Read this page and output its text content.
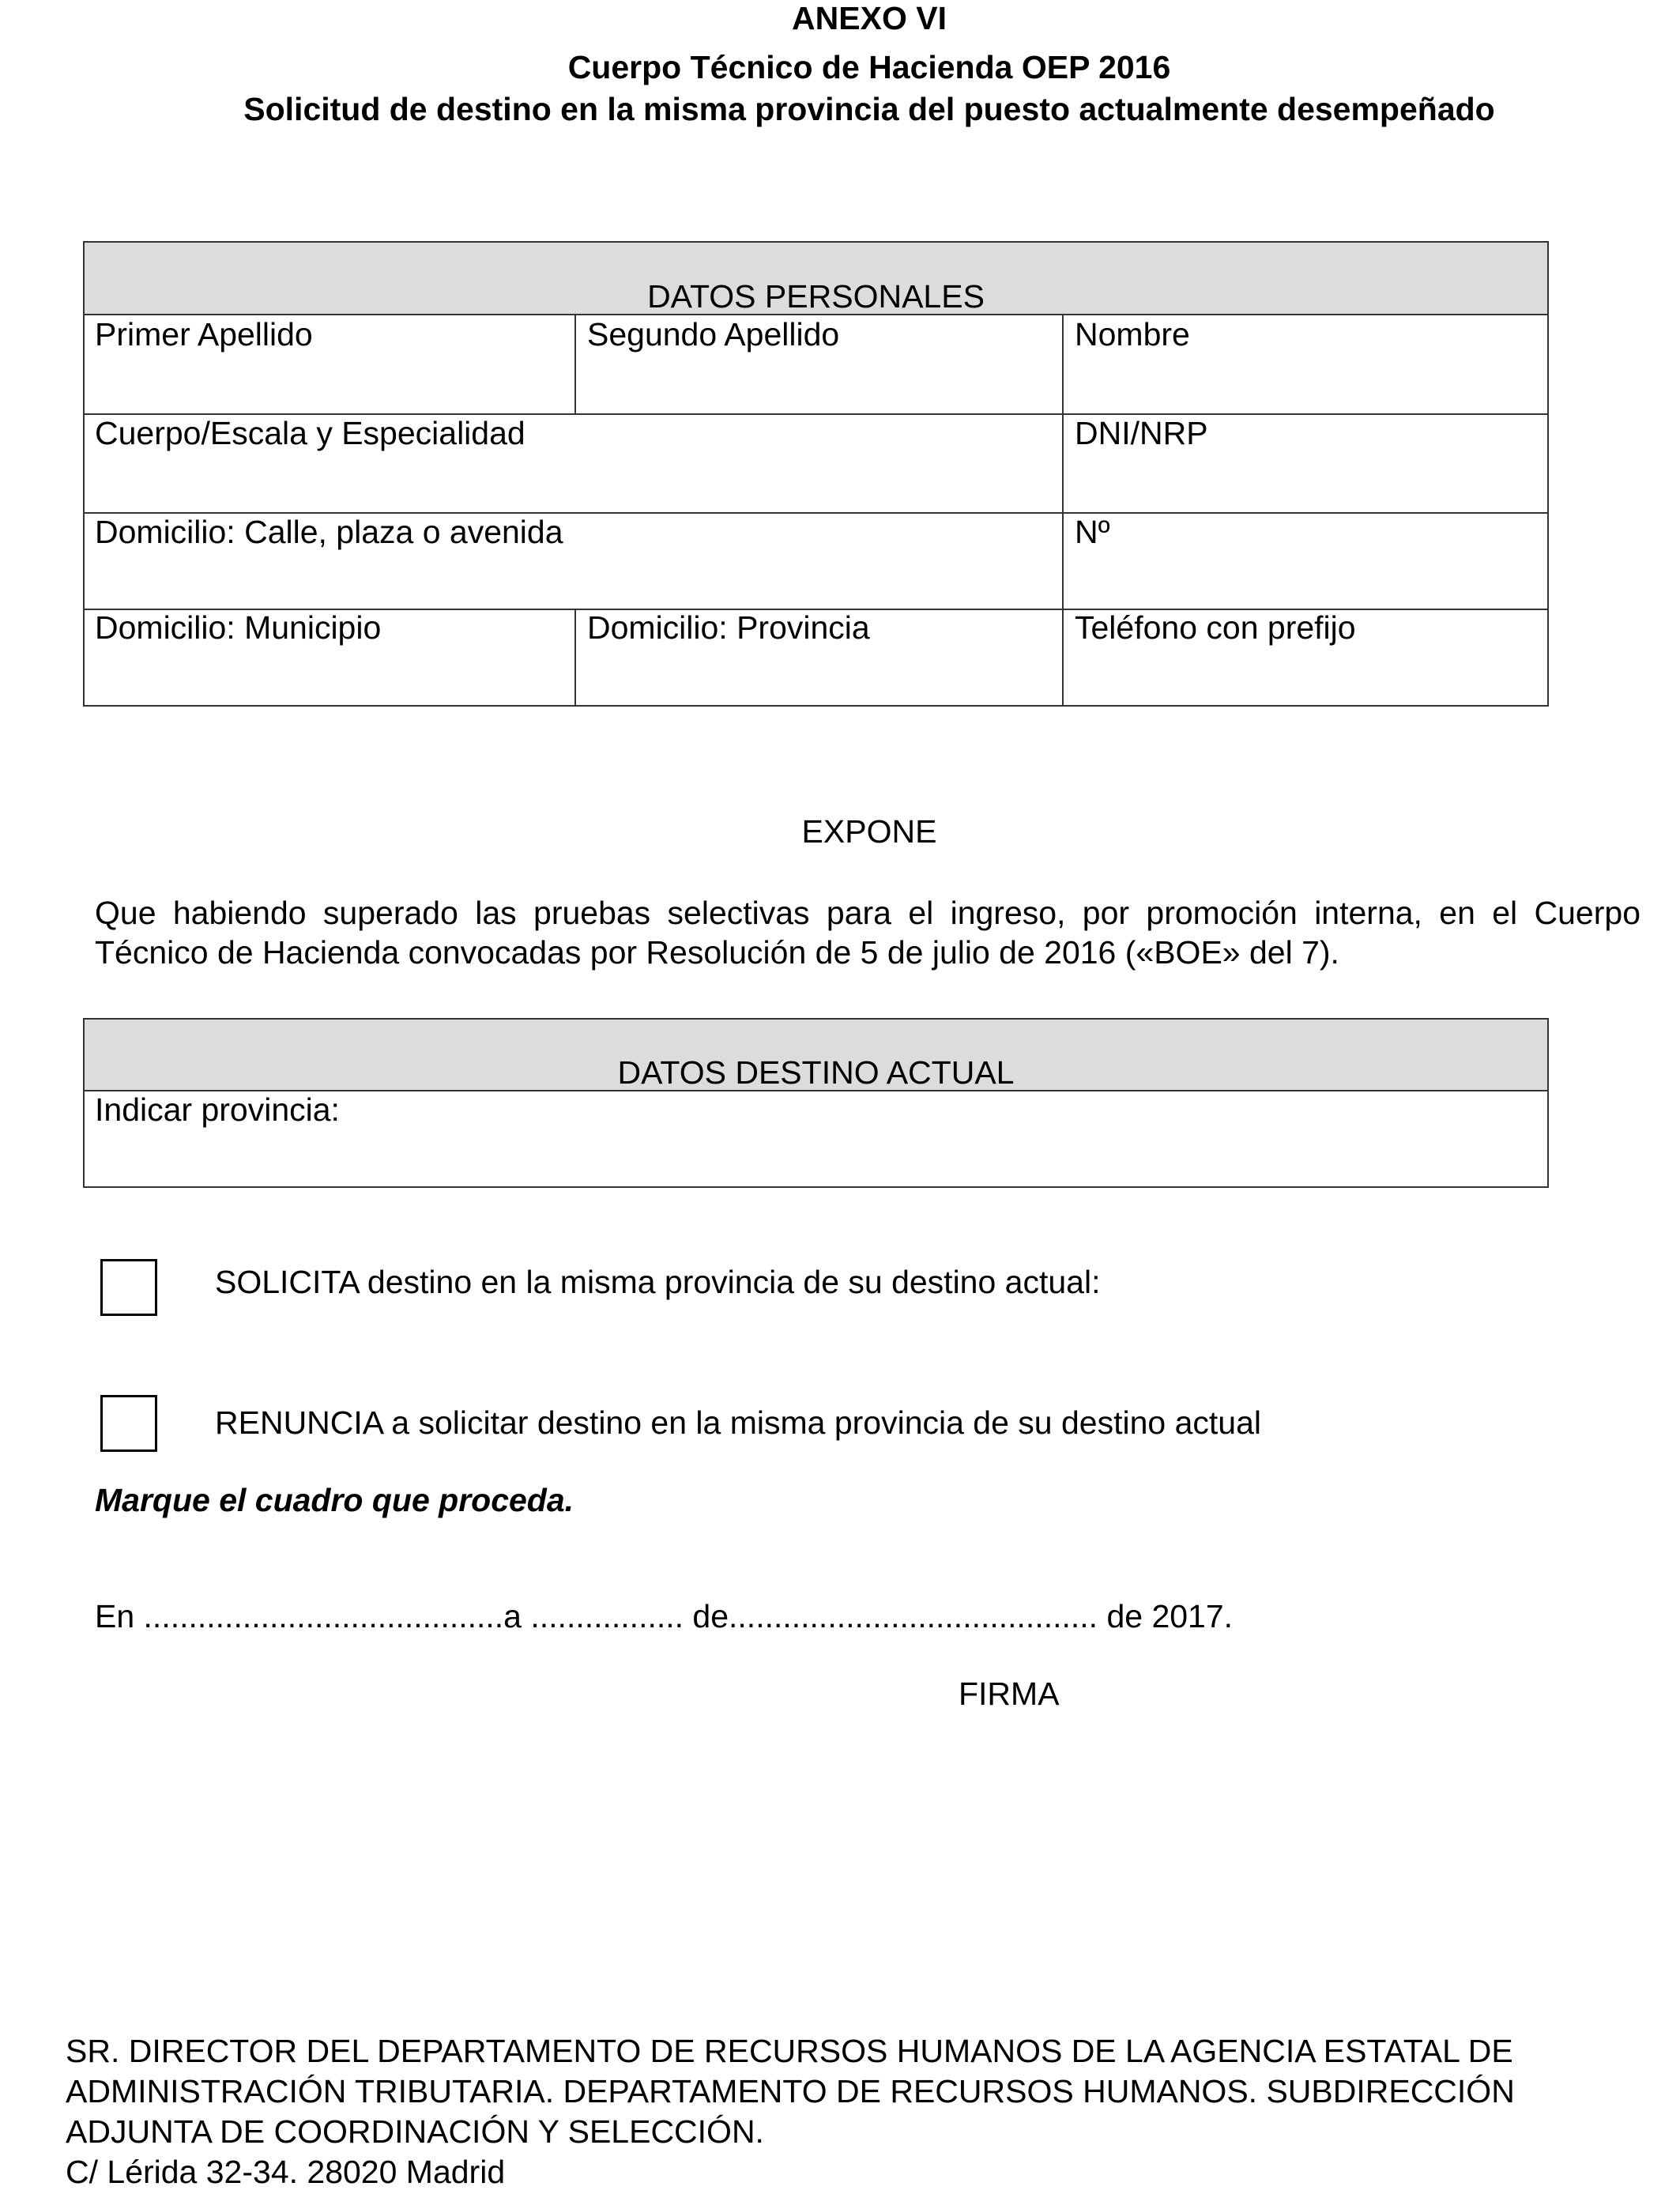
ANEXO VI
Cuerpo Técnico de Hacienda OEP 2016
Solicitud de destino en la misma provincia del puesto actualmente desempeñado
DATOS PERSONALES
Primer Apellido	Segundo Apellido	Nombre
Cuerpo/Escala y Especialidad	DNI/NRP
Domicilio: Calle, plaza o avenida	Nº
Domicilio: Municipio	Domicilio: Provincia	Teléfono con prefijo
EXPONE
Que habiendo superado las pruebas selectivas para el ingreso, por promoción interna, en el Cuerpo Técnico de Hacienda convocadas por Resolución de 5 de julio de 2016 («BOE» del 7).
DATOS DESTINO ACTUAL
Indicar provincia:
SOLICITA destino en la misma provincia de su destino actual:
RENUNCIA a solicitar destino en la misma provincia de su destino actual
Marque el cuadro que proceda.
En ........................................a ................. de......................................... de 2017.
FIRMA
SR. DIRECTOR DEL DEPARTAMENTO DE RECURSOS HUMANOS DE LA AGENCIA ESTATAL DE
ADMINISTRACIÓN TRIBUTARIA. DEPARTAMENTO DE RECURSOS HUMANOS. SUBDIRECCIÓN
ADJUNTA DE COORDINACIÓN Y SELECCIÓN.
C/ Lérida 32-34. 28020 Madrid
